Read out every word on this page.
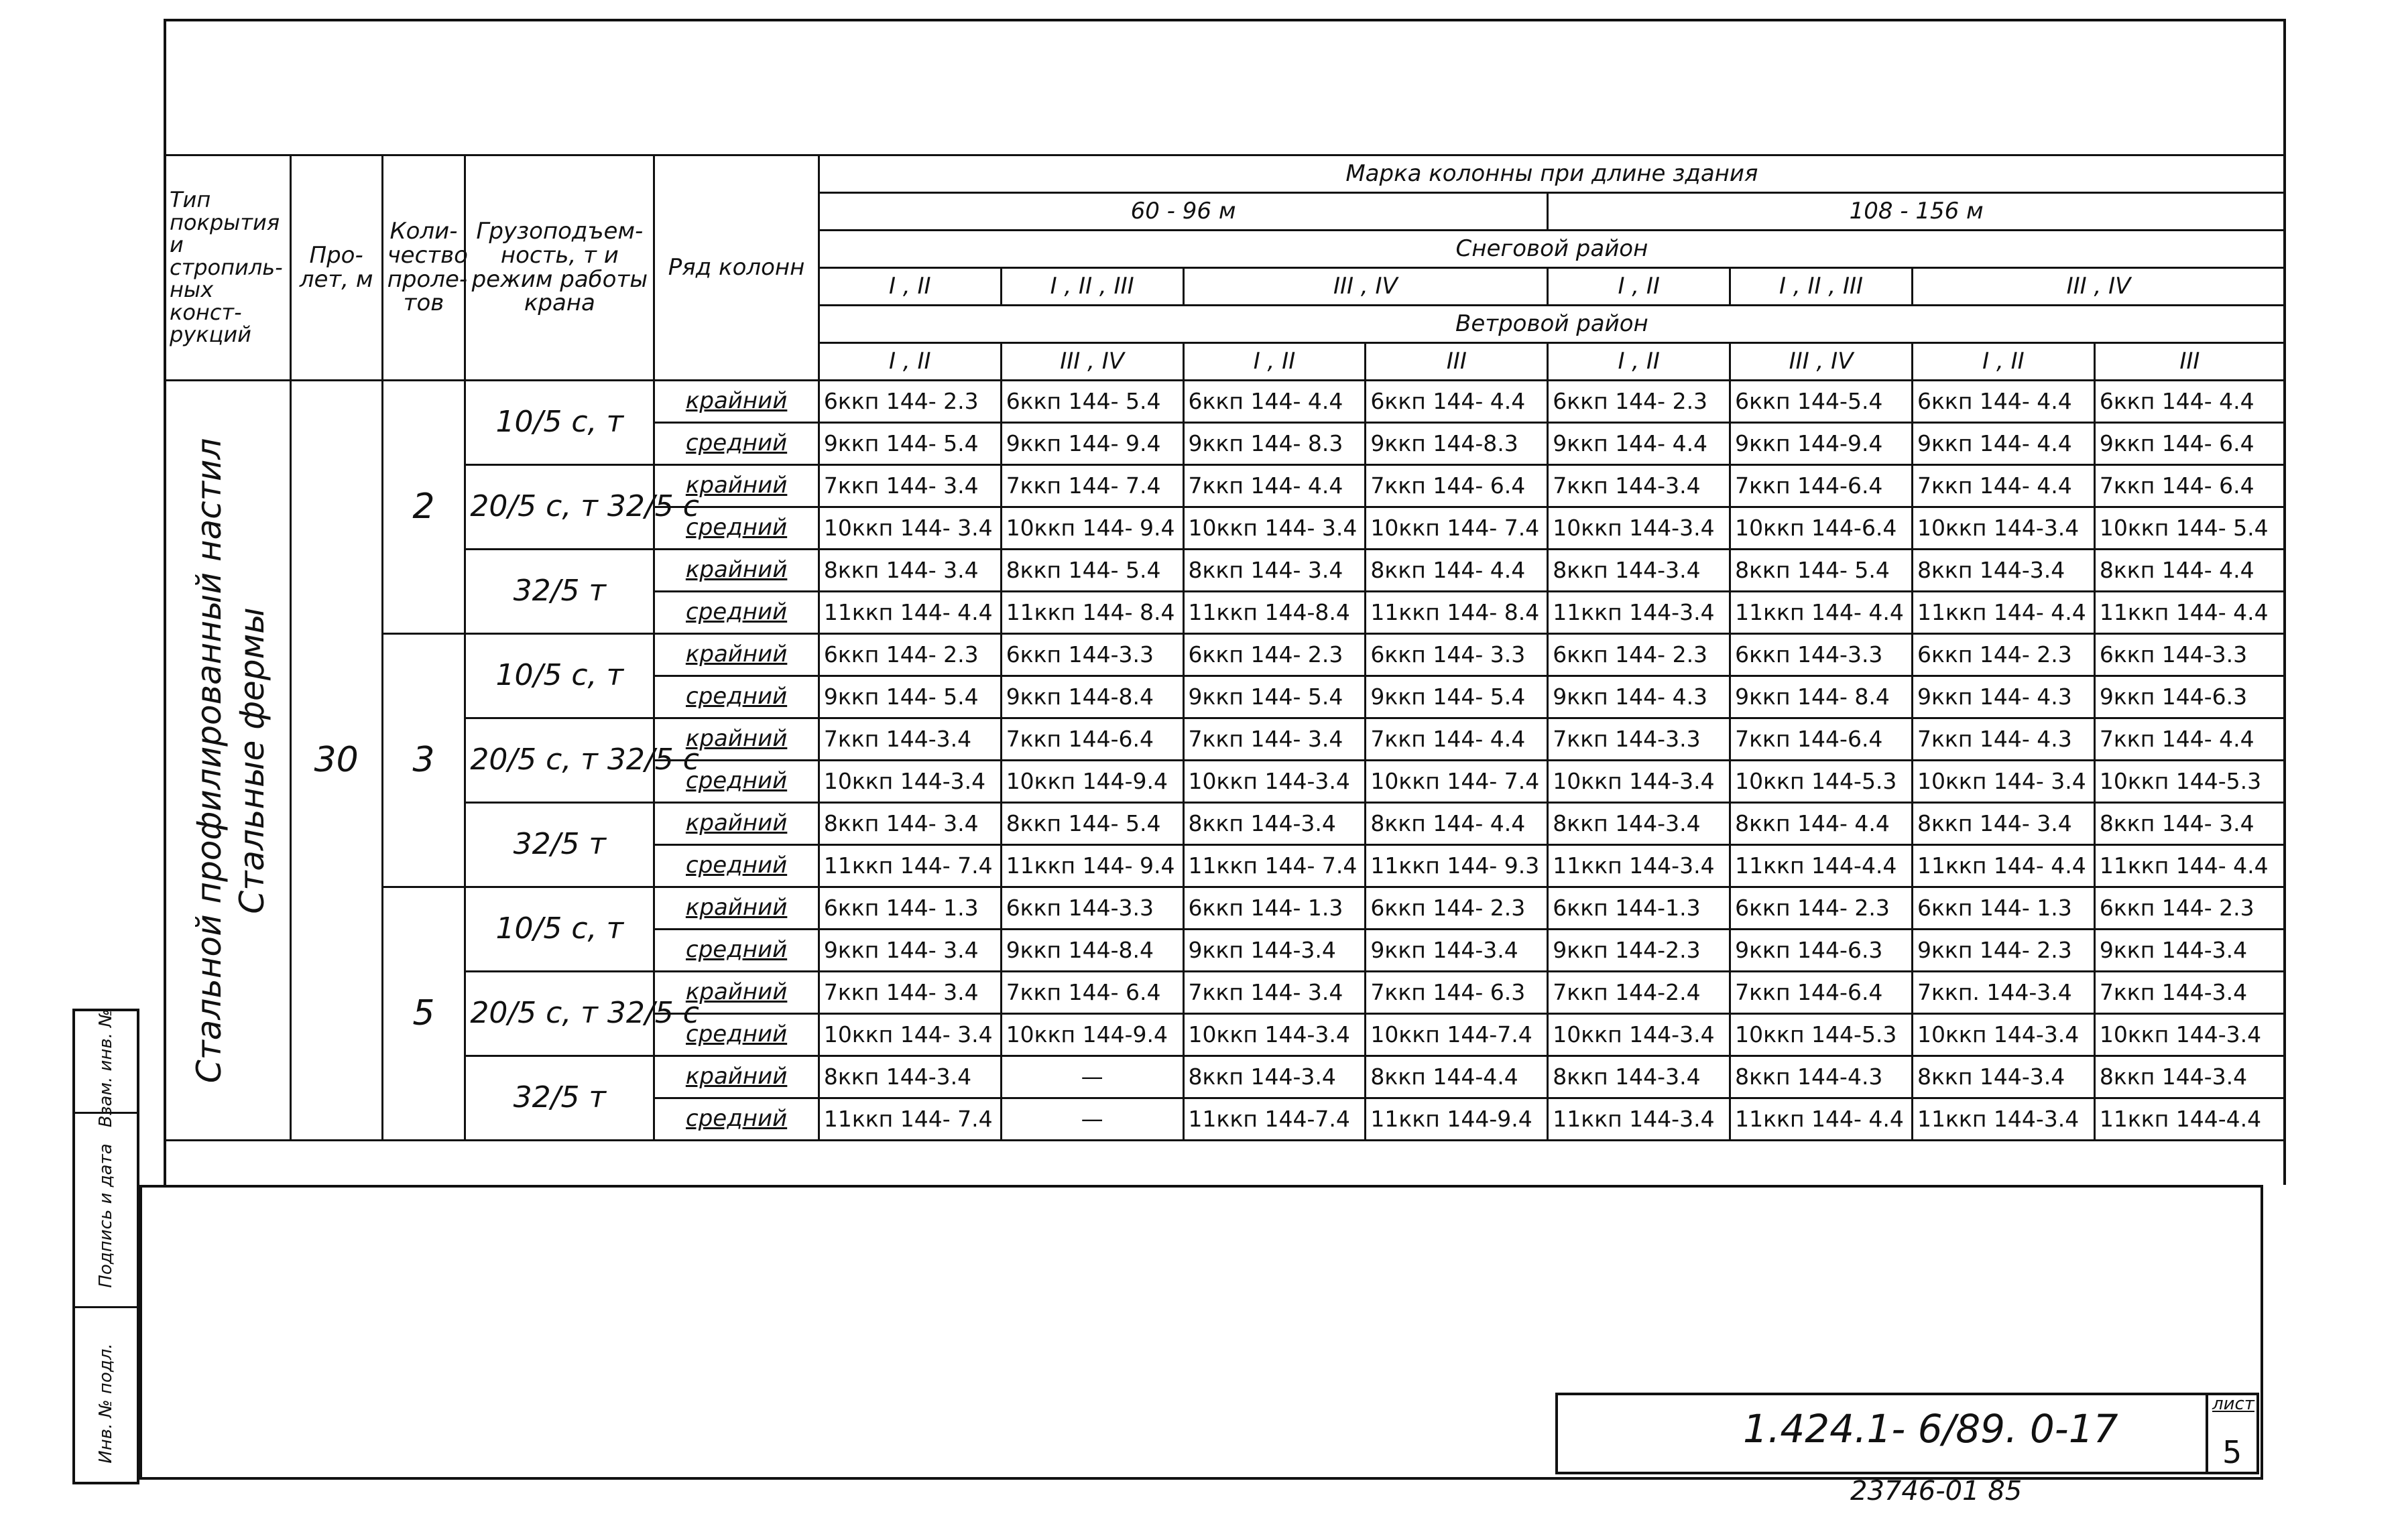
Тип покрытия и стропиль-ных конст-рукций	Про-лет, м	Коли-чество проле-тов	Грузоподъем-ность, т и режим работы крана	Ряд колонн	Марка колонны при длине здания							
					60 - 96 м				108 - 156 м			
					Снеговой район							
					I , II	I , II , III	III , IV		I , II	I , II , III	III , IV	
					Ветровой район							
					I , II	III , IV	I , II	III	I , II	III , IV	I , II	III

Стальной профилированный настил Стальные фермы	30	2	10/5 с, т	крайний	6ккп 144- 2.3	6ккп 144- 5.4	6ккп 144- 4.4	6ккп 144- 4.4	6ккп 144- 2.3	6ккп 144-5.4	6ккп 144- 4.4	6ккп 144- 4.4
				средний	9ккп 144- 5.4	9ккп 144- 9.4	9ккп 144- 8.3	9ккп 144-8.3	9ккп 144- 4.4	9ккп 144-9.4	9ккп 144- 4.4	9ккп 144- 6.4
			20/5 с, т 32/5 с	крайний	7ккп 144- 3.4	7ккп 144- 7.4	7ккп 144- 4.4	7ккп 144- 6.4	7ккп 144-3.4	7ккп 144-6.4	7ккп 144- 4.4	7ккп 144- 6.4
				средний	10ккп 144- 3.4	10ккп 144- 9.4	10ккп 144- 3.4	10ккп 144- 7.4	10ккп 144-3.4	10ккп 144-6.4	10ккп 144-3.4	10ккп 144- 5.4
			32/5 т	крайний	8ккп 144- 3.4	8ккп 144- 5.4	8ккп 144- 3.4	8ккп 144- 4.4	8ккп 144-3.4	8ккп 144- 5.4	8ккп 144-3.4	8ккп 144- 4.4
				средний	11ккп 144- 4.4	11ккп 144- 8.4	11ккп 144-8.4	11ккп 144- 8.4	11ккп 144-3.4	11ккп 144- 4.4	11ккп 144- 4.4	11ккп 144- 4.4
		3	10/5 с, т	крайний	6ккп 144- 2.3	6ккп 144-3.3	6ккп 144- 2.3	6ккп 144- 3.3	6ккп 144- 2.3	6ккп 144-3.3	6ккп 144- 2.3	6ккп 144-3.3
				средний	9ккп 144- 5.4	9ккп 144-8.4	9ккп 144- 5.4	9ккп 144- 5.4	9ккп 144- 4.3	9ккп 144- 8.4	9ккп 144- 4.3	9ккп 144-6.3
			20/5 с, т 32/5 с	крайний	7ккп 144-3.4	7ккп 144-6.4	7ккп 144- 3.4	7ккп 144- 4.4	7ккп 144-3.3	7ккп 144-6.4	7ккп 144- 4.3	7ккп 144- 4.4
				средний	10ккп 144-3.4	10ккп 144-9.4	10ккп 144-3.4	10ккп 144- 7.4	10ккп 144-3.4	10ккп 144-5.3	10ккп 144- 3.4	10ккп 144-5.3
			32/5 т	крайний	8ккп 144- 3.4	8ккп 144- 5.4	8ккп 144-3.4	8ккп 144- 4.4	8ккп 144-3.4	8ккп 144- 4.4	8ккп 144- 3.4	8ккп 144- 3.4
				средний	11ккп 144- 7.4	11ккп 144- 9.4	11ккп 144- 7.4	11ккп 144- 9.3	11ккп 144-3.4	11ккп 144-4.4	11ккп 144- 4.4	11ккп 144- 4.4
		5	10/5 с, т	крайний	6ккп 144- 1.3	6ккп 144-3.3	6ккп 144- 1.3	6ккп 144- 2.3	6ккп 144-1.3	6ккп 144- 2.3	6ккп 144- 1.3	6ккп 144- 2.3
				средний	9ккп 144- 3.4	9ккп 144-8.4	9ккп 144-3.4	9ккп 144-3.4	9ккп 144-2.3	9ккп 144-6.3	9ккп 144- 2.3	9ккп 144-3.4
			20/5 с, т 32/5 с	крайний	7ккп 144- 3.4	7ккп 144- 6.4	7ккп 144- 3.4	7ккп 144- 6.3	7ккп 144-2.4	7ккп 144-6.4	7ккп. 144-3.4	7ккп 144-3.4
				средний	10ккп 144- 3.4	10ккп 144-9.4	10ккп 144-3.4	10ккп 144-7.4	10ккп 144-3.4	10ккп 144-5.3	10ккп 144-3.4	10ккп 144-3.4
			32/5 т	крайний	8ккп 144-3.4	—	8ккп 144-3.4	8ккп 144-4.4	8ккп 144-3.4	8ккп 144-4.3	8ккп 144-3.4	8ккп 144-3.4
				средний	11ккп 144- 7.4	—	11ккп 144-7.4	11ккп 144-9.4	11ккп 144-3.4	11ккп 144- 4.4	11ккп 144-3.4	11ккп 144-4.4
Взам. инв. №
Подпись и дата
Инв. № подл.	1.424.1- 6/89. 0-17
лист
5
23746-01 85
